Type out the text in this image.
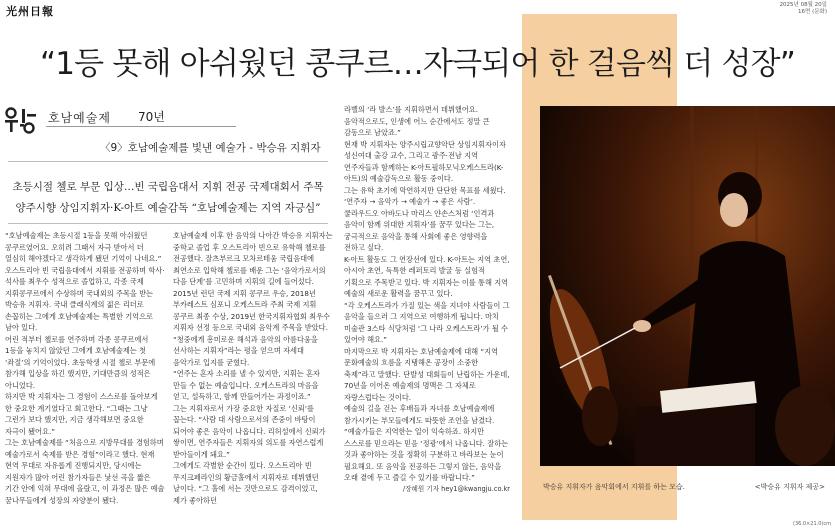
光州日報	2025년 08월 20일
16면 (문화)
“1등 못해 아쉬웠던 콩쿠르…자극되어 한 걸음씩 더 성장”
호남예술제 70년
〈9〉호남예술제를 빛낸 예술가 - 박승유 지휘자
초등시절 첼로 부문 입상…빈 국립음대서 지휘 전공 국제대회서 주목
양주시향 상임지휘자·K-아트 예술감독 “호남예술제는 지역 자긍심”

“호남예술제는 초등시절 1등을 못해 아쉬웠던 콩쿠르였어요. 오히려 그때서 자극 받아서 더 열심히 해야겠다고 생각하게 됐던 기억이 나네요.”

오스트리아 빈 국립음대에서 지휘를 전공하며 학사·석사를 최우수 성적으로 졸업하고, 각종 국제 지휘콩쿠르에서 수상하며 국내외의 주목을 받는 박승유 지휘자. 국내 클래식계의 젊은 리더로 손꼽히는 그에게 호남예술제는 특별한 기억으로 남아 있다.

어린 적부터 첼로를 연주하며 각종 콩쿠르에서 1등을 놓치지 않았던 그에게 호남예술제는 첫 ‘좌절’의 기억이었다. 초등학생 시절 첼로 부문에 참가해 입상을 하긴 했지만, 기대만큼의 성적은 아니었다.

하지만 박 지휘자는 그 경험이 스스로를 돌아보게 한 중요한 계기였다고 회고한다. “그때는 그냥 그런가 보다 했지만, 지금 생각해보면 중요한 자극이 됐어요.”

그는 호남예술제를 “처음으로 지방무대를 경험하며 예술가로서 숙제를 받은 경험”이라고 했다. 현재 현역 무대로 자유롭게 진행되지만, 당시에는 지원자가 많아 어린 참가자들은 낯선 곡을 짧은 기간 안에 익혀 무대에 올랐고, 이 과정은 많은 예술 꿈나무들에게 성장의 자양분이 됐다.

호남예술제 이후 한 음악의 나아간 박승유 지휘자는 중학교 졸업 후 오스트리아 빈으로 유학해 첼로를 전공했다. 잘츠부르크 모차르테움 국립음대에 최연소로 입학해 첼로를 배운 그는 ‘음악가로서의 다음 단계’를 고민하며 지휘의 길에 들어섰다.

2015년 런던 국제 지휘 콩쿠르 우승, 2018년 부카레스트 심포니 오케스트라 주최 국제 지휘 콩쿠르 최종 수상, 2019년 한국지휘자협회 최우수 지휘자 선정 등으로 국내외 음악계 주목을 받았다.

“청중에게 흥미로운 해석과 음악의 아름다움을 선사하는 지휘자”라는 평을 얻으며 자세대 음악가로 입지를 굳혔다.

“연주는 혼자 소리를 낼 수 있지만, 지휘는 혼자 만들 수 없는 예술입니다. 오케스트라의 마음을 얻고, 설득하고, 함께 만들어가는 과정이죠.”

그는 지휘자로서 가장 중요한 자질로 ‘신뢰’를 꼽는다. “사람 대 사람으로서의 존중이 바탕이 되어야 좋은 음악이 나옵니다. 리허설에서 신뢰가 쌓이면, 연주자들은 지휘자의 의도를 자연스럽게 받아들이게 돼요.”

그에게도 각별한 순간이 있다. 오스트리아 빈 무지크페라인의 황금홀에서 지휘자로 데뷔했던 날이다. “그 홀에 서는 것만으로도 감격이었고, 제가 좋아하던

라벨의 ‘라 발스’를 지휘하면서 데뷔했어요. 음악적으로도, 인생에 어느 순간에서도 정말 큰 감동으로 남았죠.”

현재 박 지휘자는 양주시립교향악단 상임지휘자이자 성신여대 출강 교수, 그리고 광주·전남 지역 연주자들과 함께하는 K-아트필하모닉오케스트라(K-아트)의 예술감독으로 활동 중이다.

그는 유학 초기에 막연하지만 단단한 목표를 세웠다. ‘연주자 → 음악가 → 예술가 → 좋은 사람’. 쿨라우드오 아바도나 마리스 얀손스처럼 ‘인격과 음악이 함께 위대한 지휘자’를 꿈꾸 있다는 그는, 궁극적으로 음악을 통해 사회에 좋은 영향력을 전하고 싶다.

K-아트 활동도 그 연장선에 있다. K-아트는 지역 초연, 아시아 초연, 독특한 레퍼토리 발굴 등 실험적 기획으로 주목받고 있다. 박 지휘자는 이를 통해 지역 예술의 새로운 활력을 꿈꾸고 있다.

“각 오케스트라가 가질 있는 색을 지녀야 사람들이 그 음악을 들으러 그 지역으로 여행하게 됩니다. 마치 미술관 3스타 식당처럼 ‘그 나라 오케스트라’가 될 수 있어야 해요.”

마지막으로 박 지휘자는 호남예술제에 대해 “지역 문화예술의 흐름을 지탱해온 공장이 소중한 축제”라고 말했다. 단발성 대회들이 난립하는 가운데, 70년을 이어온 예술제의 명맥은 그 자체로 자랑스럽다는 것이다.

예술의 길을 걷는 후배들과 자녀를 호남예술제에 참가시키는 부모들에게도 따뜻한 조언을 남겼다.

“예술가들은 지역한는 일이 익숙하죠. 하지만 스스로를 믿으라는 믿음 ‘정광’에서 나옵니다. 잘하는 것과 좋아하는 것을 정확히 구분하고 바라보는 눈이 필요해요. 또 음악을 전공하든 그렇지 않든, 음악을 오래 곁에 두고 즐길 수 있기를 바랍니다.”

/장혜원 기자 hey1@kwangju.co.kr	박승유 지휘자가 음악회에서 지휘를 하는 모습.	<박승유 지휘자 제공>
(36.0×21.0)cm
